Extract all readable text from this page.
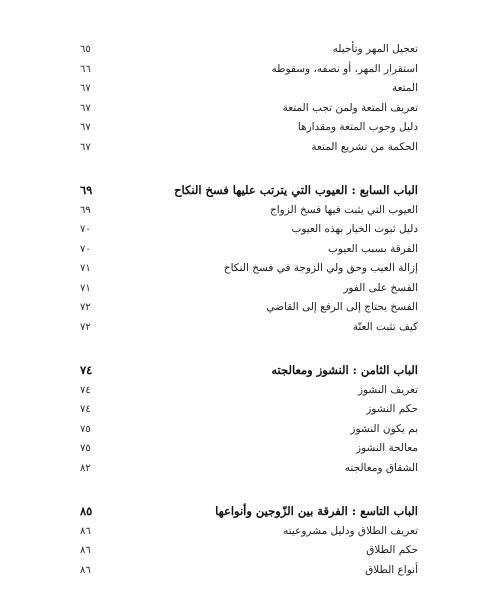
تعجيل المهر وتأجيله
٦٥
استقرار المهر، أو نصفه، وسقوطه
٦٦
المتعة
٦٧
تعريف المتعة ولمن تجب المتعة
٦٧
دليل وجوب المتعة ومقدارها
٦٧
الحكمة من تشريع المتعة
٦٧
الباب السابع : العيوب التي يترتب عليها فسخ النكاح
٦٩
العيوب التي يثبت فيها فسخ الزواج
٦٩
دليل ثبوت الخيار بهذه العيوب
٧٠
الفرقة بسبب العيوب
٧٠
إزالة العيب وحق ولي الزوجة في فسخ النكاح
٧١
الفسخ على الفور
٧١
الفسخ يحتاج إلى الرفع إلى القاضي
٧٢
كيف تثبت العنّة
٧٢
الباب الثامن : النشوز ومعالجته
٧٤
تعريف النشوز
٧٤
حكم النشوز
٧٤
بم يكون النشوز
٧٥
معالجة النشوز
٧٥
الشقاق ومعالجته
٨٢
الباب التاسع : الفرقة بين الزّوجين وأنواعها
٨٥
تعريف الطلاق ودليل مشروعيته
٨٦
حكم الطلاق
٨٦
أنواع الطلاق
٨٦
